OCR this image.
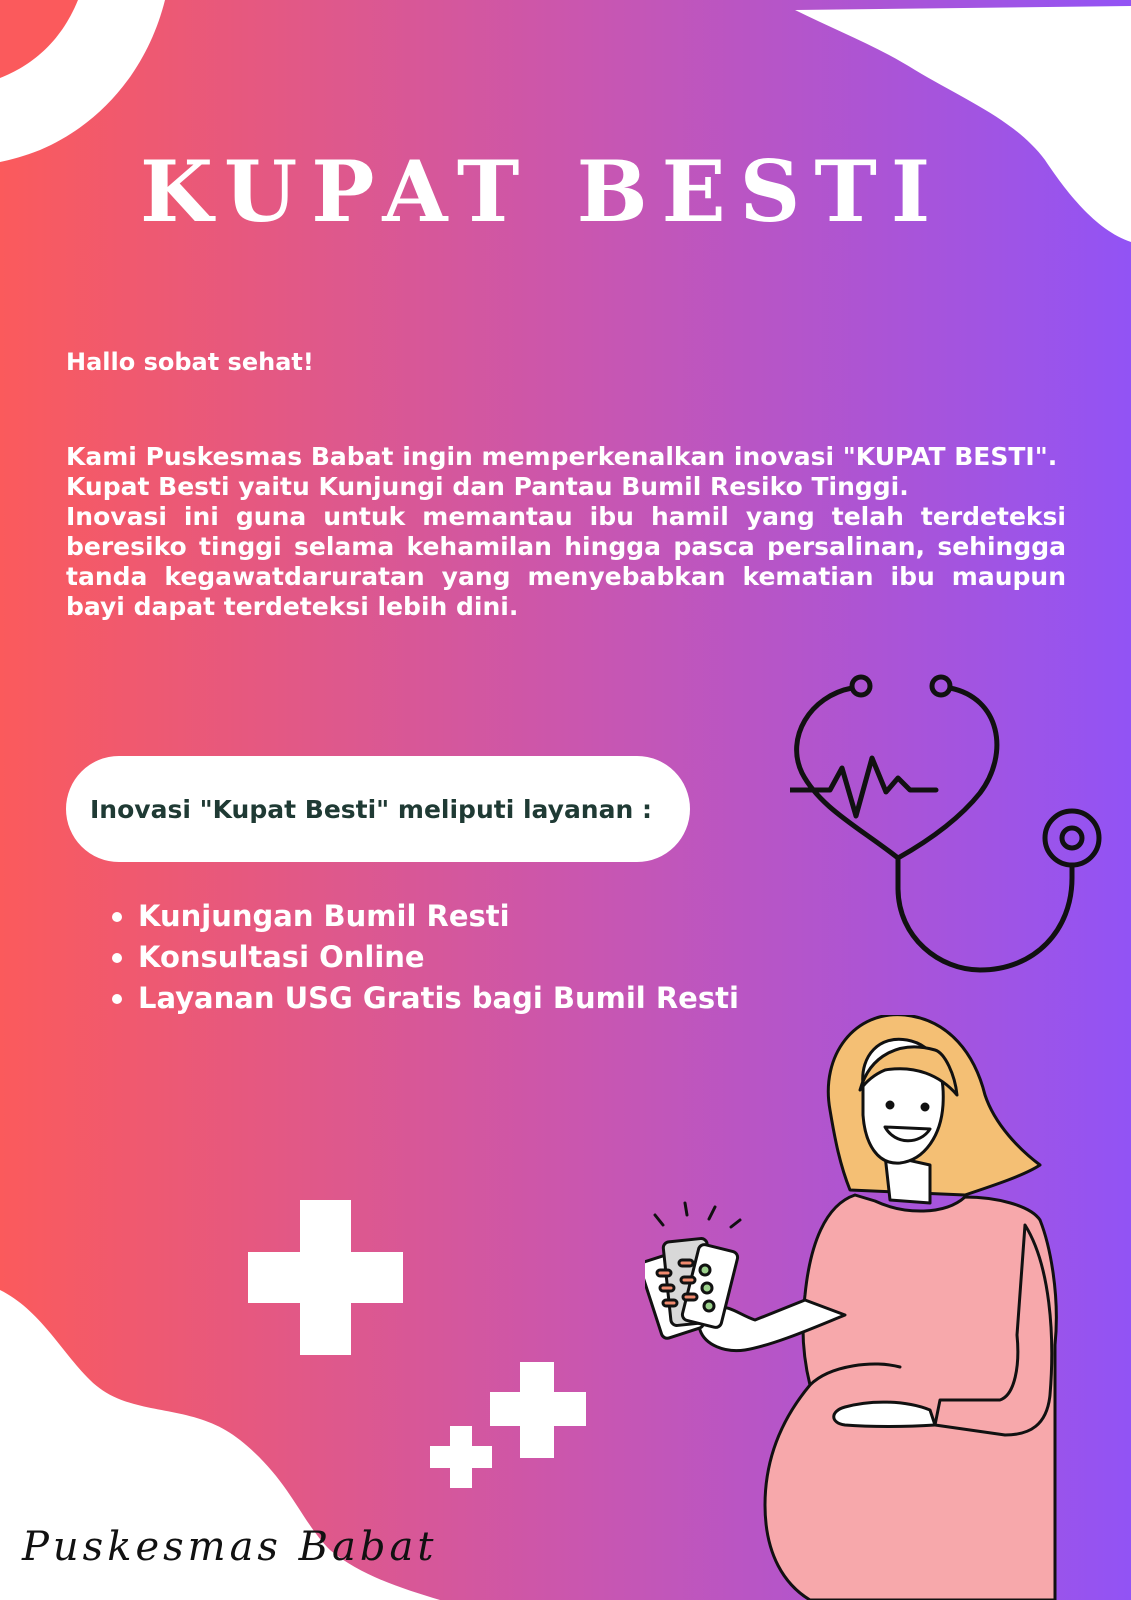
KUPAT BESTI

Hallo sobat sehat!

Kami Puskesmas Babat ingin memperkenalkan inovasi "KUPAT BESTI".

Kupat Besti yaitu Kunjungi dan Pantau Bumil Resiko Tinggi.

Inovasi ini guna untuk memantau ibu hamil yang telah terdeteksi beresiko tinggi selama kehamilan hingga pasca persalinan, sehingga tanda kegawatdaruratan yang menyebabkan kematian ibu maupun bayi dapat terdeteksi lebih dini.

Inovasi "Kupat Besti" meliputi layanan :
Kunjungan Bumil Resti
Konsultasi Online
Layanan USG Gratis bagi Bumil Resti

Puskesmas Babat
